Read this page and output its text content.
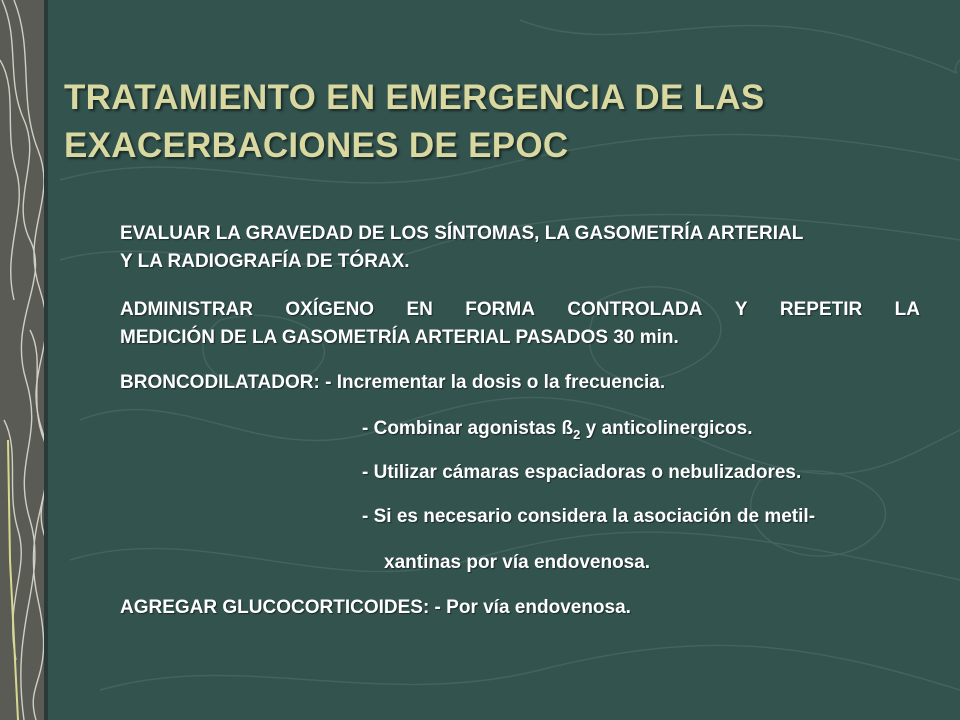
TRATAMIENTO EN EMERGENCIA DE LAS
EXACERBACIONES DE EPOC
EVALUAR LA GRAVEDAD DE LOS SÍNTOMAS, LA GASOMETRÍA ARTERIAL
Y LA RADIOGRAFÍA DE TÓRAX.
ADMINISTRAR OXÍGENO EN FORMA CONTROLADA Y REPETIR LA
MEDICIÓN DE LA GASOMETRÍA ARTERIAL PASADOS 30 min.
BRONCODILATADOR: - Incrementar la dosis o la frecuencia.
- Combinar agonistas $ß_2$ y anticolinergicos.
- Utilizar cámaras espaciadoras o nebulizadores.
- Si es necesario considera la asociación de metil-
xantinas por vía endovenosa.
AGREGAR GLUCOCORTICOIDES: - Por vía endovenosa.
